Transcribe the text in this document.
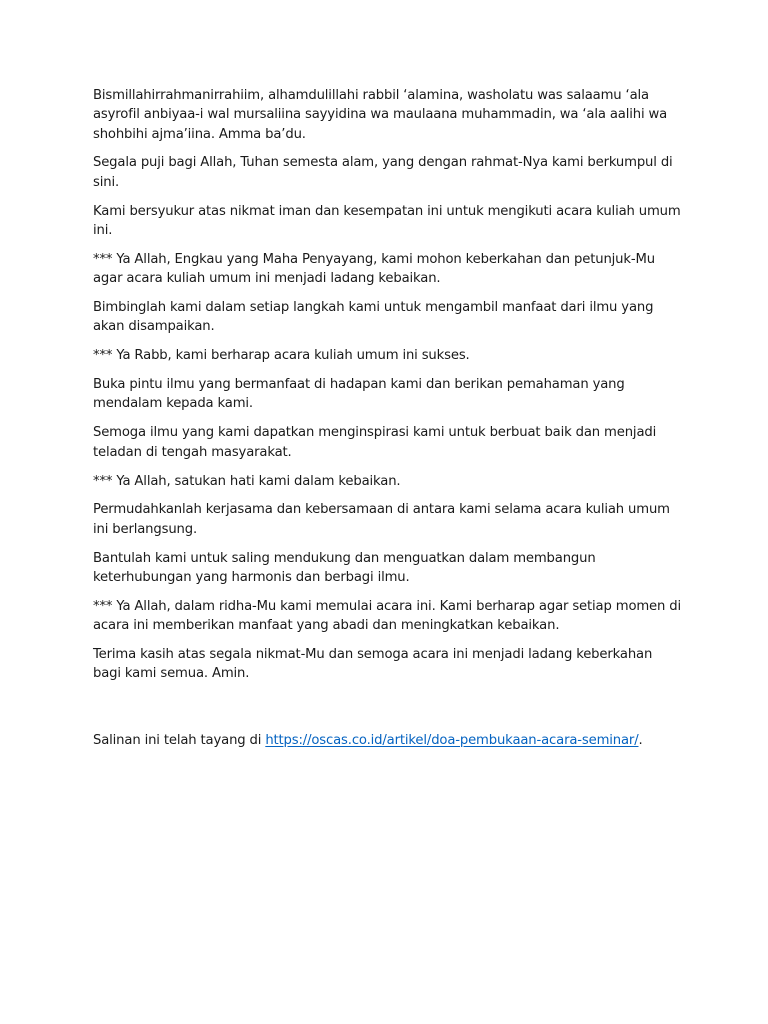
Bismillahirrahmanirrahiim, alhamdulillahi rabbil ‘alamina, washolatu was salaamu ‘ala asyrofil anbiyaa-i wal mursaliina sayyidina wa maulaana muhammadin, wa ‘ala aalihi wa shohbihi ajma’iina. Amma ba’du.

Segala puji bagi Allah, Tuhan semesta alam, yang dengan rahmat-Nya kami berkumpul di sini.

Kami bersyukur atas nikmat iman dan kesempatan ini untuk mengikuti acara kuliah umum ini.

*** Ya Allah, Engkau yang Maha Penyayang, kami mohon keberkahan dan petunjuk-Mu agar acara kuliah umum ini menjadi ladang kebaikan.

Bimbinglah kami dalam setiap langkah kami untuk mengambil manfaat dari ilmu yang akan disampaikan.

*** Ya Rabb, kami berharap acara kuliah umum ini sukses.

Buka pintu ilmu yang bermanfaat di hadapan kami dan berikan pemahaman yang mendalam kepada kami.

Semoga ilmu yang kami dapatkan menginspirasi kami untuk berbuat baik dan menjadi teladan di tengah masyarakat.

*** Ya Allah, satukan hati kami dalam kebaikan.

Permudahkanlah kerjasama dan kebersamaan di antara kami selama acara kuliah umum ini berlangsung.

Bantulah kami untuk saling mendukung dan menguatkan dalam membangun keterhubungan yang harmonis dan berbagi ilmu.

*** Ya Allah, dalam ridha-Mu kami memulai acara ini. Kami berharap agar setiap momen di acara ini memberikan manfaat yang abadi dan meningkatkan kebaikan.

Terima kasih atas segala nikmat-Mu dan semoga acara ini menjadi ladang keberkahan bagi kami semua. Amin.

Salinan ini telah tayang di https://oscas.co.id/artikel/doa-pembukaan-acara-seminar/.
